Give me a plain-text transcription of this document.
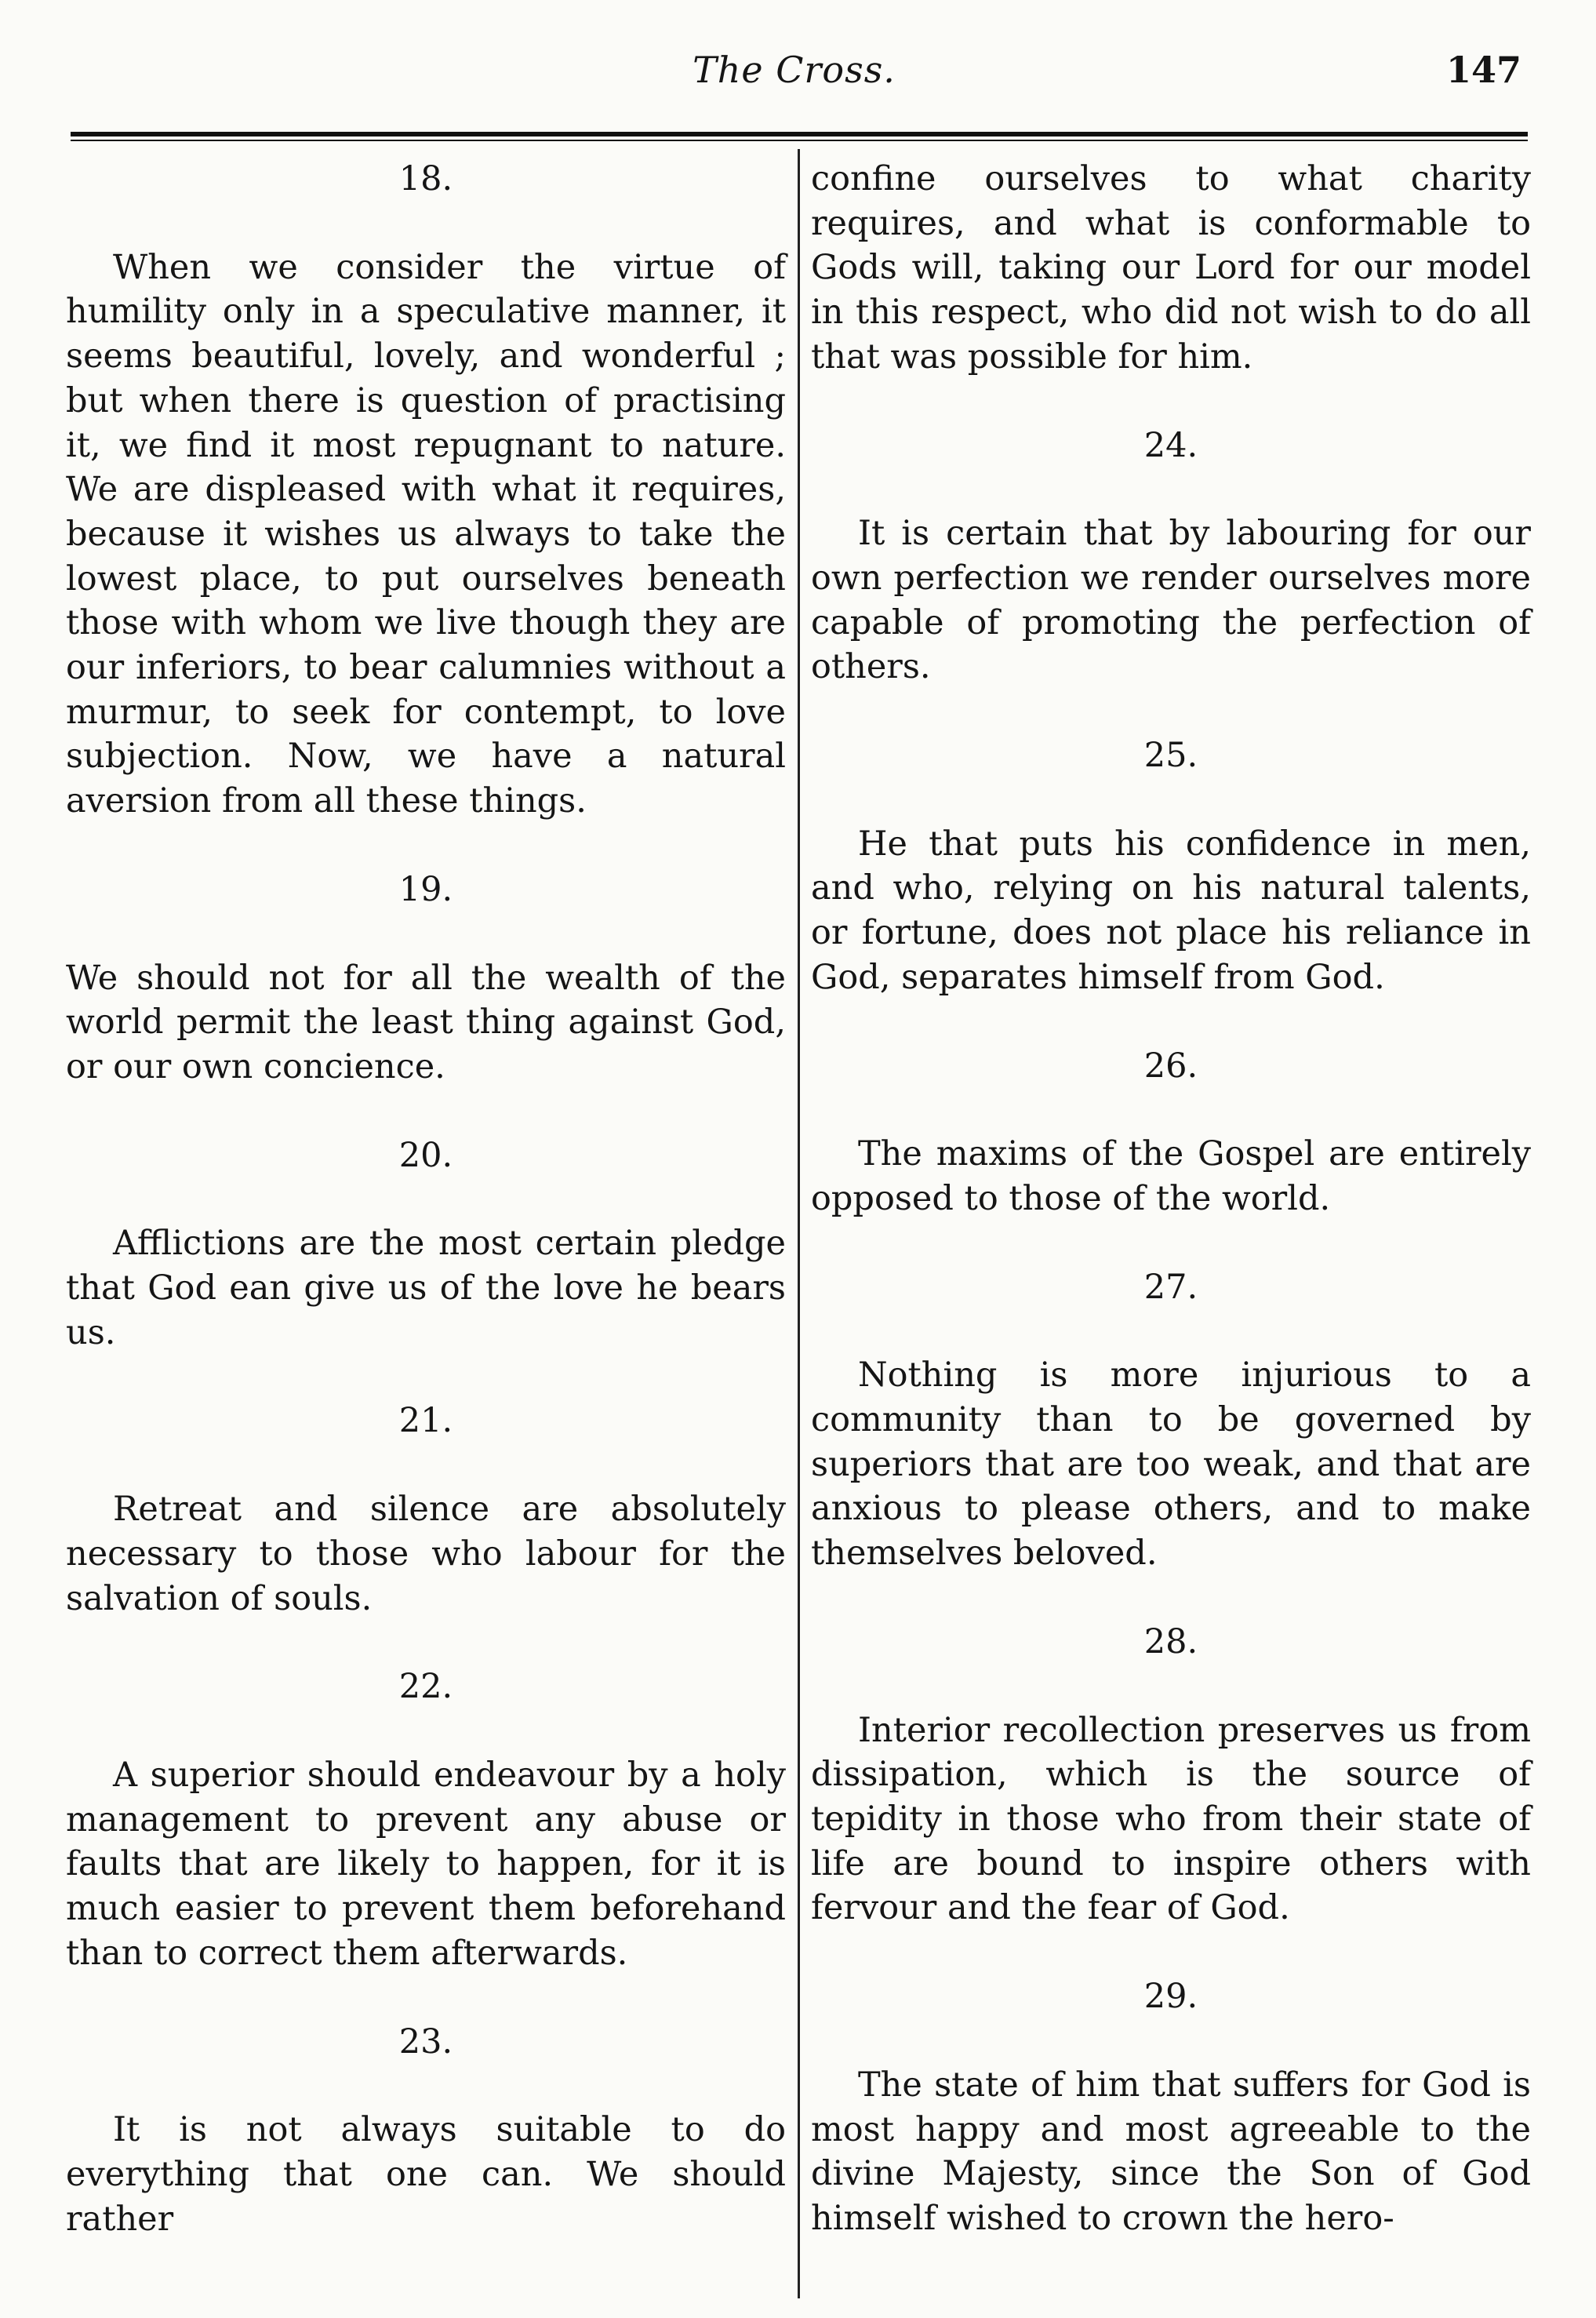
The Cross.	147

18.

When we consider the virtue of humility only in a speculative manner, it seems beautiful, lovely, and wonderful ; but when there is question of practising it, we find it most repugnant to nature. We are displeased with what it requires, because it wishes us always to take the lowest place, to put ourselves beneath those with whom we live though they are our inferiors, to bear calumnies without a murmur, to seek for contempt, to love subjection. Now, we have a natural aversion from all these things.

19.

We should not for all the wealth of the world permit the least thing against God, or our own concience.

20.

Afflictions are the most certain pledge that God ean give us of the love he bears us.

21.

Retreat and silence are absolutely necessary to those who labour for the salvation of souls.

22.

A superior should endeavour by a holy management to prevent any abuse or faults that are likely to happen, for it is much easier to prevent them beforehand than to correct them afterwards.

23.

It is not always suitable to do everything that one can. We should rather

confine ourselves to what charity requires, and what is conformable to Gods will, taking our Lord for our model in this respect, who did not wish to do all that was possible for him.

24.

It is certain that by labouring for our own perfection we render ourselves more capable of promoting the perfection of others.

25.

He that puts his confidence in men, and who, relying on his natural talents, or fortune, does not place his reliance in God, separates himself from God.

26.

The maxims of the Gospel are entirely opposed to those of the world.

27.

Nothing is more injurious to a community than to be governed by superiors that are too weak, and that are anxious to please others, and to make themselves beloved.

28.

Interior recollection preserves us from dissipation, which is the source of tepidity in those who from their state of life are bound to inspire others with fervour and the fear of God.

29.

The state of him that suffers for God is most happy and most agreeable to the divine Majesty, since the Son of God himself wished to crown the hero-
